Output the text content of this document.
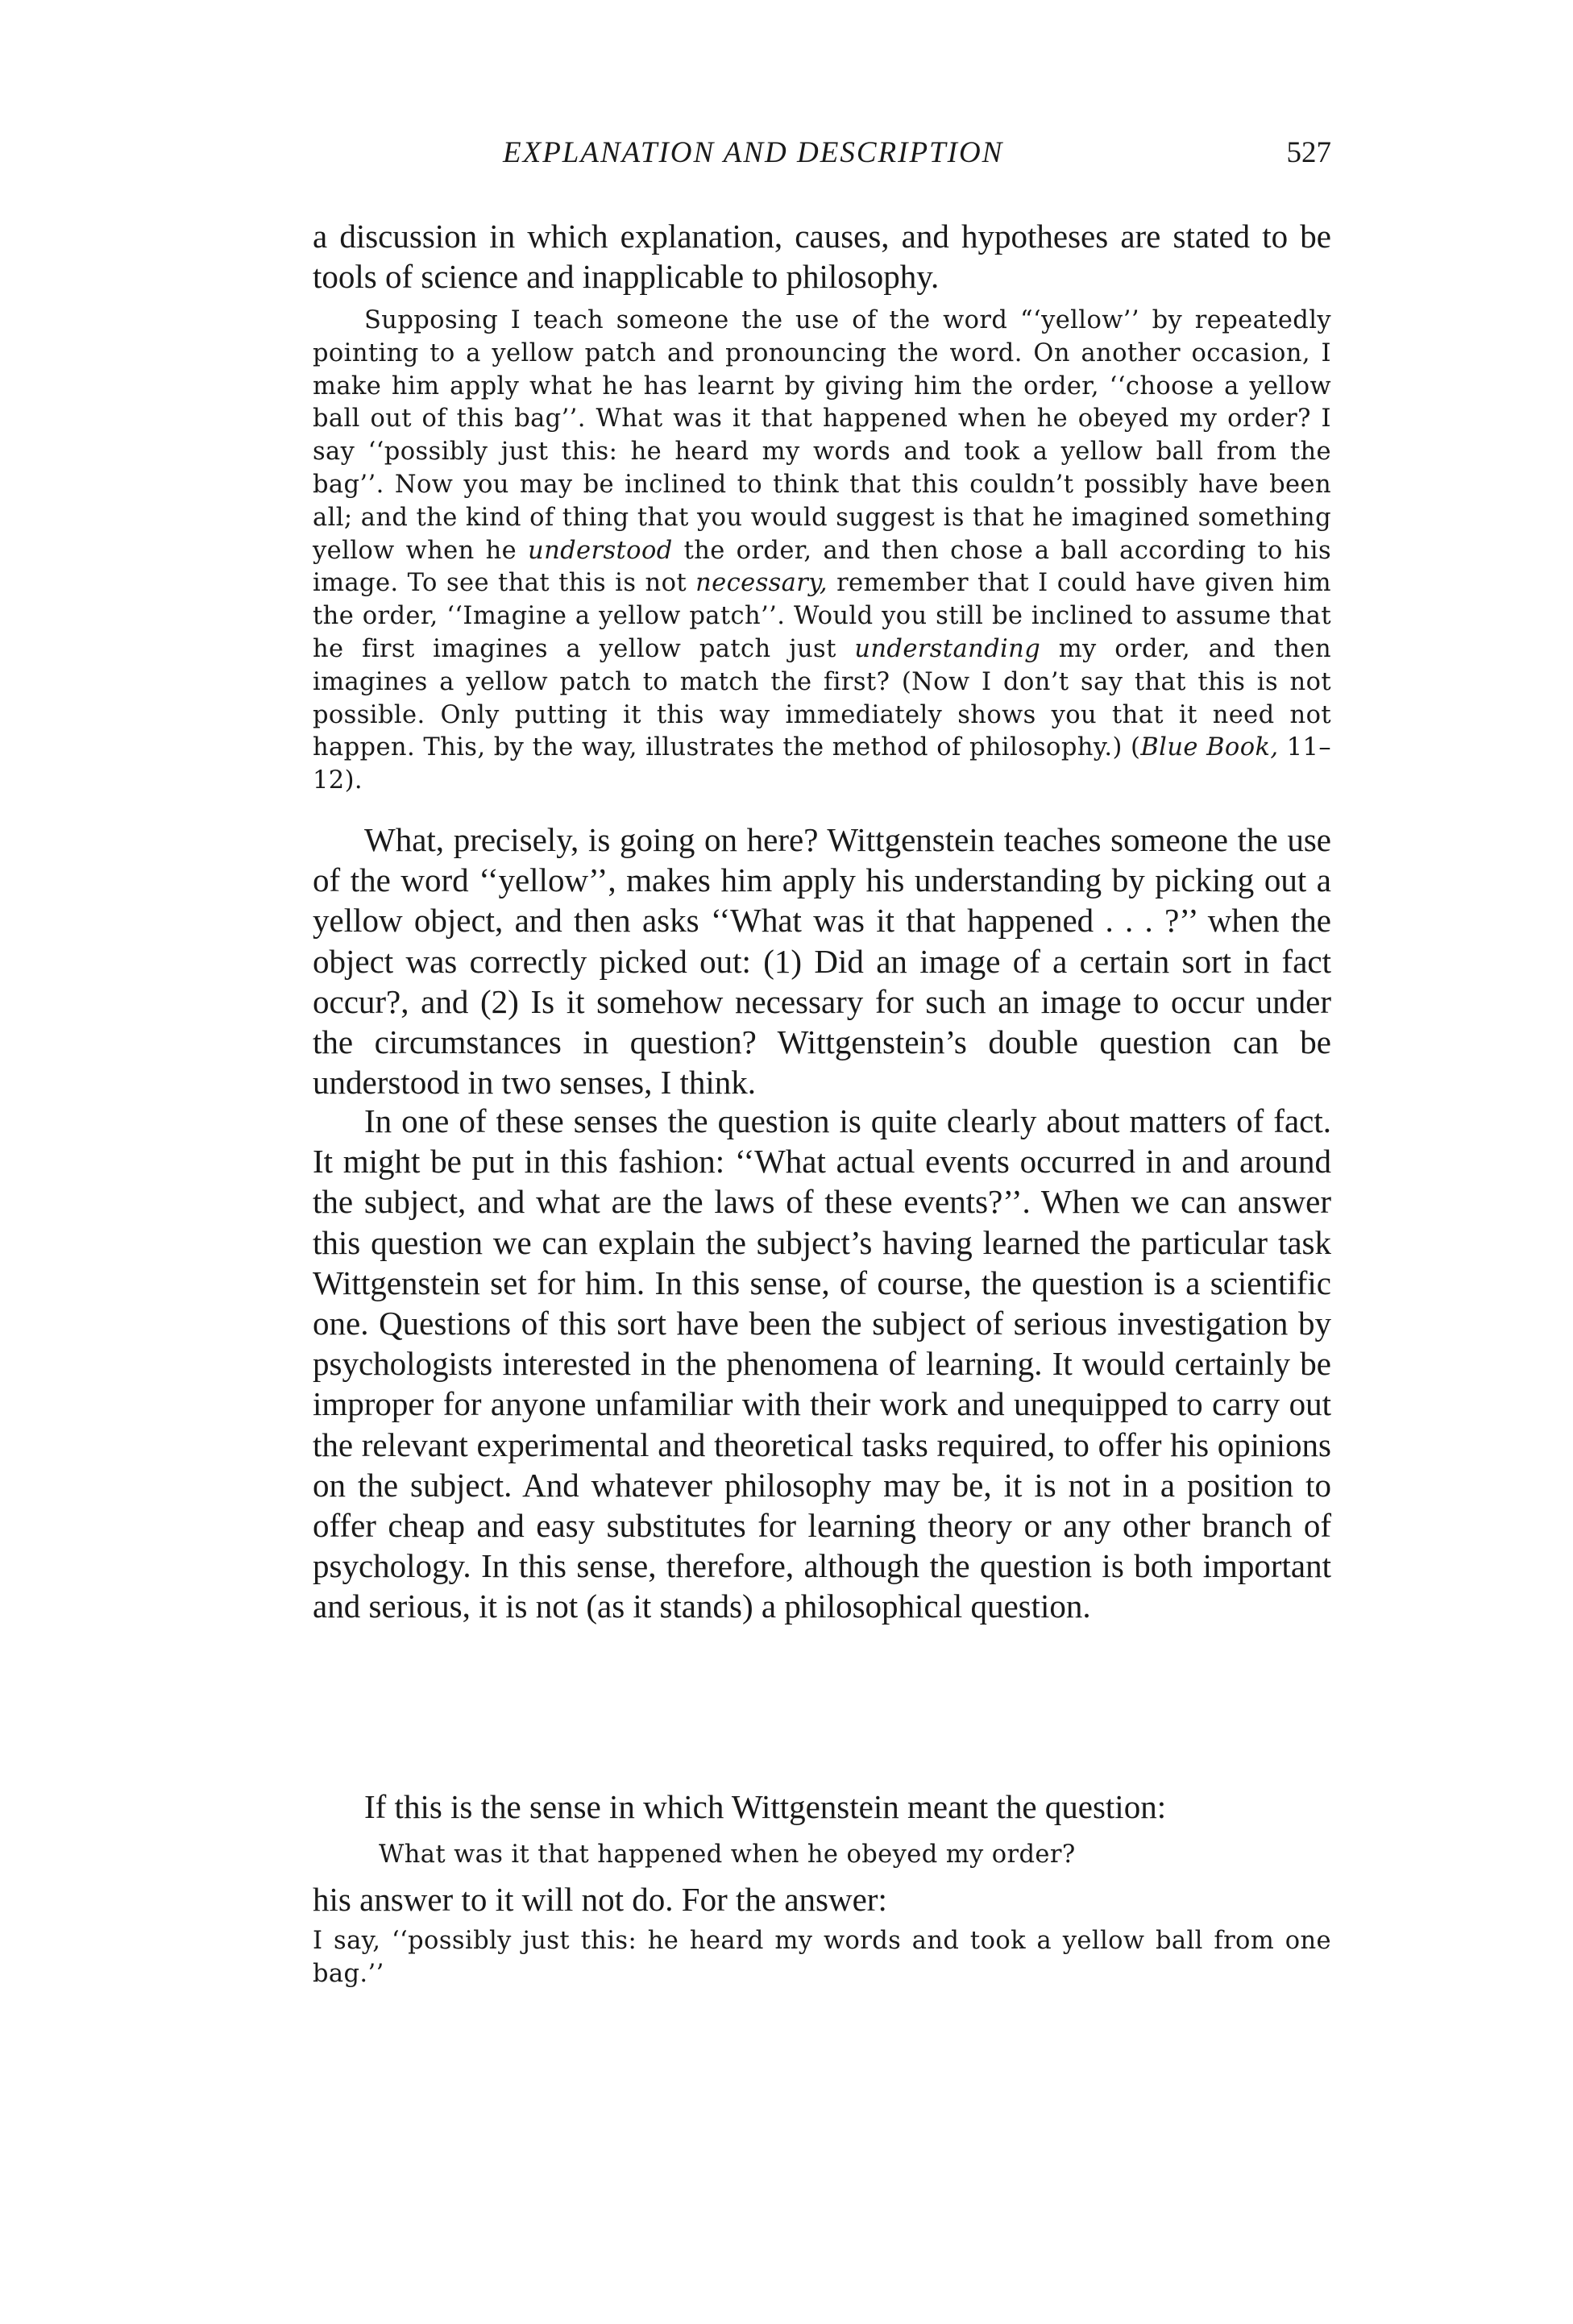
EXPLANATION AND DESCRIPTION	527

a discussion in which explanation, causes, and hypotheses are stated to be tools of science and inapplicable to philosophy.

Supposing I teach someone the use of the word “‘yellow’’ by repeatedly pointing to a yellow patch and pronouncing the word. On another occasion, I make him apply what he has learnt by giving him the order, ‘‘choose a yellow ball out of this bag’’. What was it that happened when he obeyed my order? I say ‘‘possibly just this: he heard my words and took a yellow ball from the bag’’. Now you may be inclined to think that this couldn’t possibly have been all; and the kind of thing that you would suggest is that he imagined something yellow when he understood the order, and then chose a ball according to his image. To see that this is not necessary, remember that I could have given him the order, ‘‘Imagine a yellow patch’’. Would you still be inclined to assume that he first imagines a yellow patch just understanding my order, and then imagines a yellow patch to match the first? (Now I don’t say that this is not possible. Only putting it this way immediately shows you that it need not happen. This, by the way, illustrates the method of philosophy.) (Blue Book, 11–12).

What, precisely, is going on here? Wittgenstein teaches someone the use of the word ‘‘yellow’’, makes him apply his understanding by picking out a yellow object, and then asks ‘‘What was it that happened . . . ?’’ when the object was correctly picked out: (1) Did an image of a certain sort in fact occur?, and (2) Is it somehow necessary for such an image to occur under the circumstances in question? Wittgenstein’s double question can be understood in two senses, I think.

In one of these senses the question is quite clearly about matters of fact. It might be put in this fashion: ‘‘What actual events occurred in and around the subject, and what are the laws of these events?’’. When we can answer this question we can explain the subject’s having learned the particular task Wittgenstein set for him. In this sense, of course, the question is a scientific one. Questions of this sort have been the subject of serious investigation by psychologists interested in the phenomena of learning. It would certainly be improper for anyone unfamiliar with their work and unequipped to carry out the relevant experimental and theoretical tasks required, to offer his opinions on the subject. And whatever philosophy may be, it is not in a position to offer cheap and easy substitutes for learning theory or any other branch of psychology. In this sense, therefore, although the question is both important and serious, it is not (as it stands) a philosophical question.

If this is the sense in which Wittgenstein meant the question:

What was it that happened when he obeyed my order?

his answer to it will not do. For the answer:

I say, ‘‘possibly just this: he heard my words and took a yellow ball from one bag.’’
